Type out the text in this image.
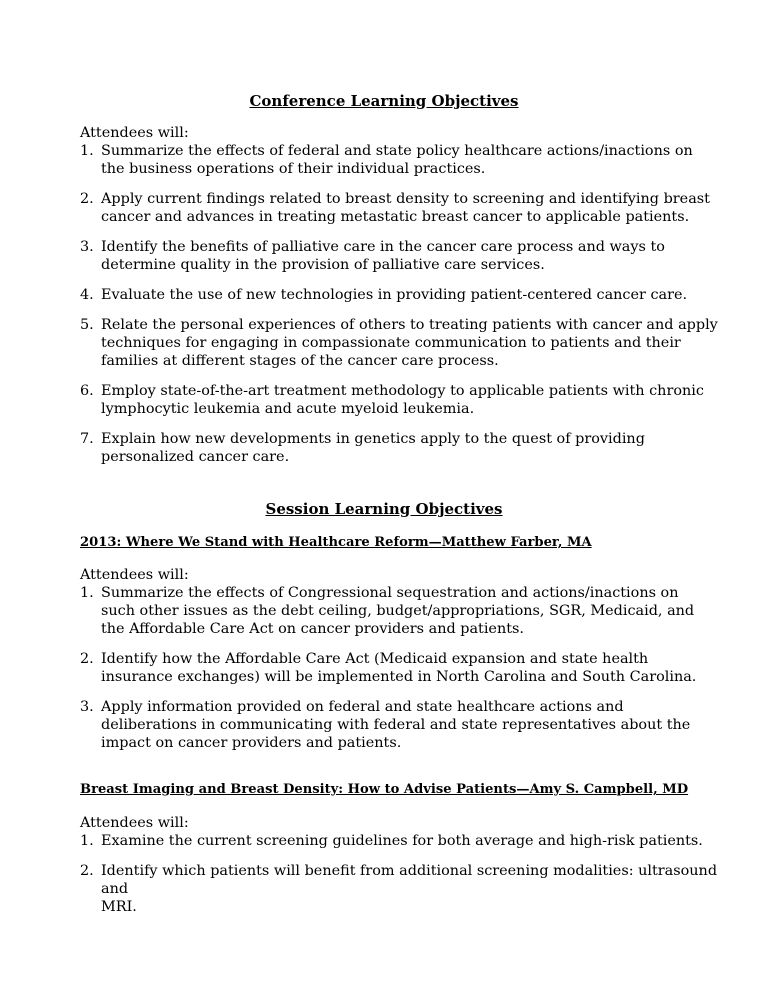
Conference Learning Objectives
Attendees will:
1. Summarize the effects of federal and state policy healthcare actions/inactions on
the business operations of their individual practices.
2. Apply current findings related to breast density to screening and identifying breast
cancer and advances in treating metastatic breast cancer to applicable patients.
3. Identify the benefits of palliative care in the cancer care process and ways to
determine quality in the provision of palliative care services.
4. Evaluate the use of new technologies in providing patient-centered cancer care.
5. Relate the personal experiences of others to treating patients with cancer and apply
techniques for engaging in compassionate communication to patients and their
families at different stages of the cancer care process.
6. Employ state-of-the-art treatment methodology to applicable patients with chronic
lymphocytic leukemia and acute myeloid leukemia.
7. Explain how new developments in genetics apply to the quest of providing
personalized cancer care.
Session Learning Objectives
2013: Where We Stand with Healthcare Reform—Matthew Farber, MA
Attendees will:
1. Summarize the effects of Congressional sequestration and actions/inactions on
such other issues as the debt ceiling, budget/appropriations, SGR, Medicaid, and
the Affordable Care Act on cancer providers and patients.
2. Identify how the Affordable Care Act (Medicaid expansion and state health
insurance exchanges) will be implemented in North Carolina and South Carolina.
3. Apply information provided on federal and state healthcare actions and
deliberations in communicating with federal and state representatives about the
impact on cancer providers and patients.
Breast Imaging and Breast Density: How to Advise Patients—Amy S. Campbell, MD
Attendees will:
1. Examine the current screening guidelines for both average and high-risk patients.
2. Identify which patients will benefit from additional screening modalities: ultrasound and
MRI.
